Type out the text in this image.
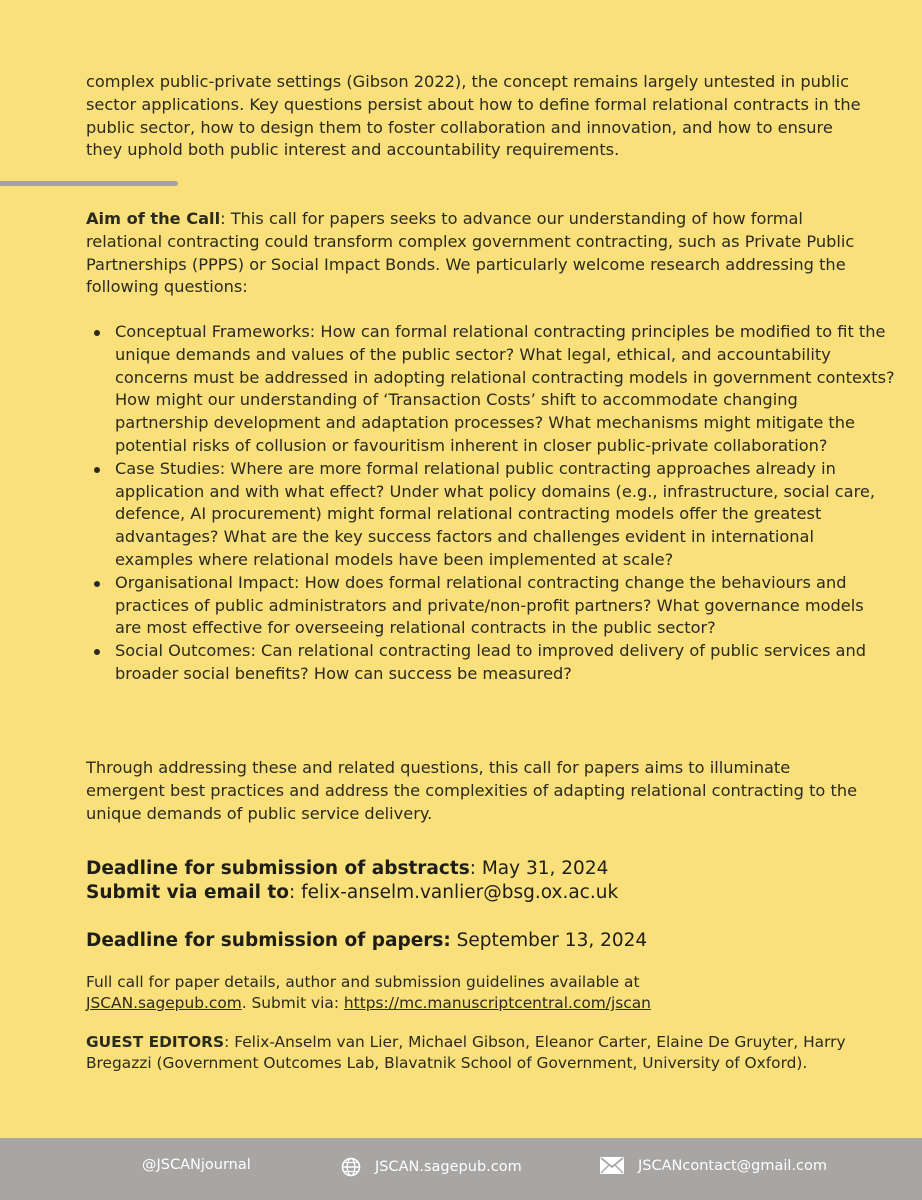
complex public-private settings (Gibson 2022), the concept remains largely untested in public sector applications. Key questions persist about how to define formal relational contracts in the public sector, how to design them to foster collaboration and innovation, and how to ensure they uphold both public interest and accountability requirements.

Aim of the Call: This call for papers seeks to advance our understanding of how formal relational contracting could transform complex government contracting, such as Private Public Partnerships (PPPS) or Social Impact Bonds. We particularly welcome research addressing the following questions:

Conceptual Frameworks: How can formal relational contracting principles be modified to fit the unique demands and values of the public sector? What legal, ethical, and accountability concerns must be addressed in adopting relational contracting models in government contexts? How might our understanding of ‘Transaction Costs’ shift to accommodate changing partnership development and adaptation processes? What mechanisms might mitigate the potential risks of collusion or favouritism inherent in closer public-private collaboration?
Case Studies: Where are more formal relational public contracting approaches already in application and with what effect? Under what policy domains (e.g., infrastructure, social care, defence, AI procurement) might formal relational contracting models offer the greatest advantages? What are the key success factors and challenges evident in international examples where relational models have been implemented at scale?
Organisational Impact: How does formal relational contracting change the behaviours and practices of public administrators and private/non-profit partners? What governance models are most effective for overseeing relational contracts in the public sector?
Social Outcomes: Can relational contracting lead to improved delivery of public services and broader social benefits? How can success be measured?

Through addressing these and related questions, this call for papers aims to illuminate emergent best practices and address the complexities of adapting relational contracting to the unique demands of public service delivery.

Deadline for submission of abstracts: May 31, 2024

Submit via email to: felix-anselm.vanlier@bsg.ox.ac.uk

Deadline for submission of papers: September 13, 2024

Full call for paper details, author and submission guidelines available at
JSCAN.sagepub.com. Submit via: https://mc.manuscriptcentral.com/jscan

GUEST EDITORS: Felix-Anselm van Lier, Michael Gibson, Eleanor Carter, Elaine De Gruyter, Harry Bregazzi (Government Outcomes Lab, Blavatnik School of Government, University of Oxford).

@JSCANjournal	JSCAN.sagepub.com	JSCANcontact@gmail.com
